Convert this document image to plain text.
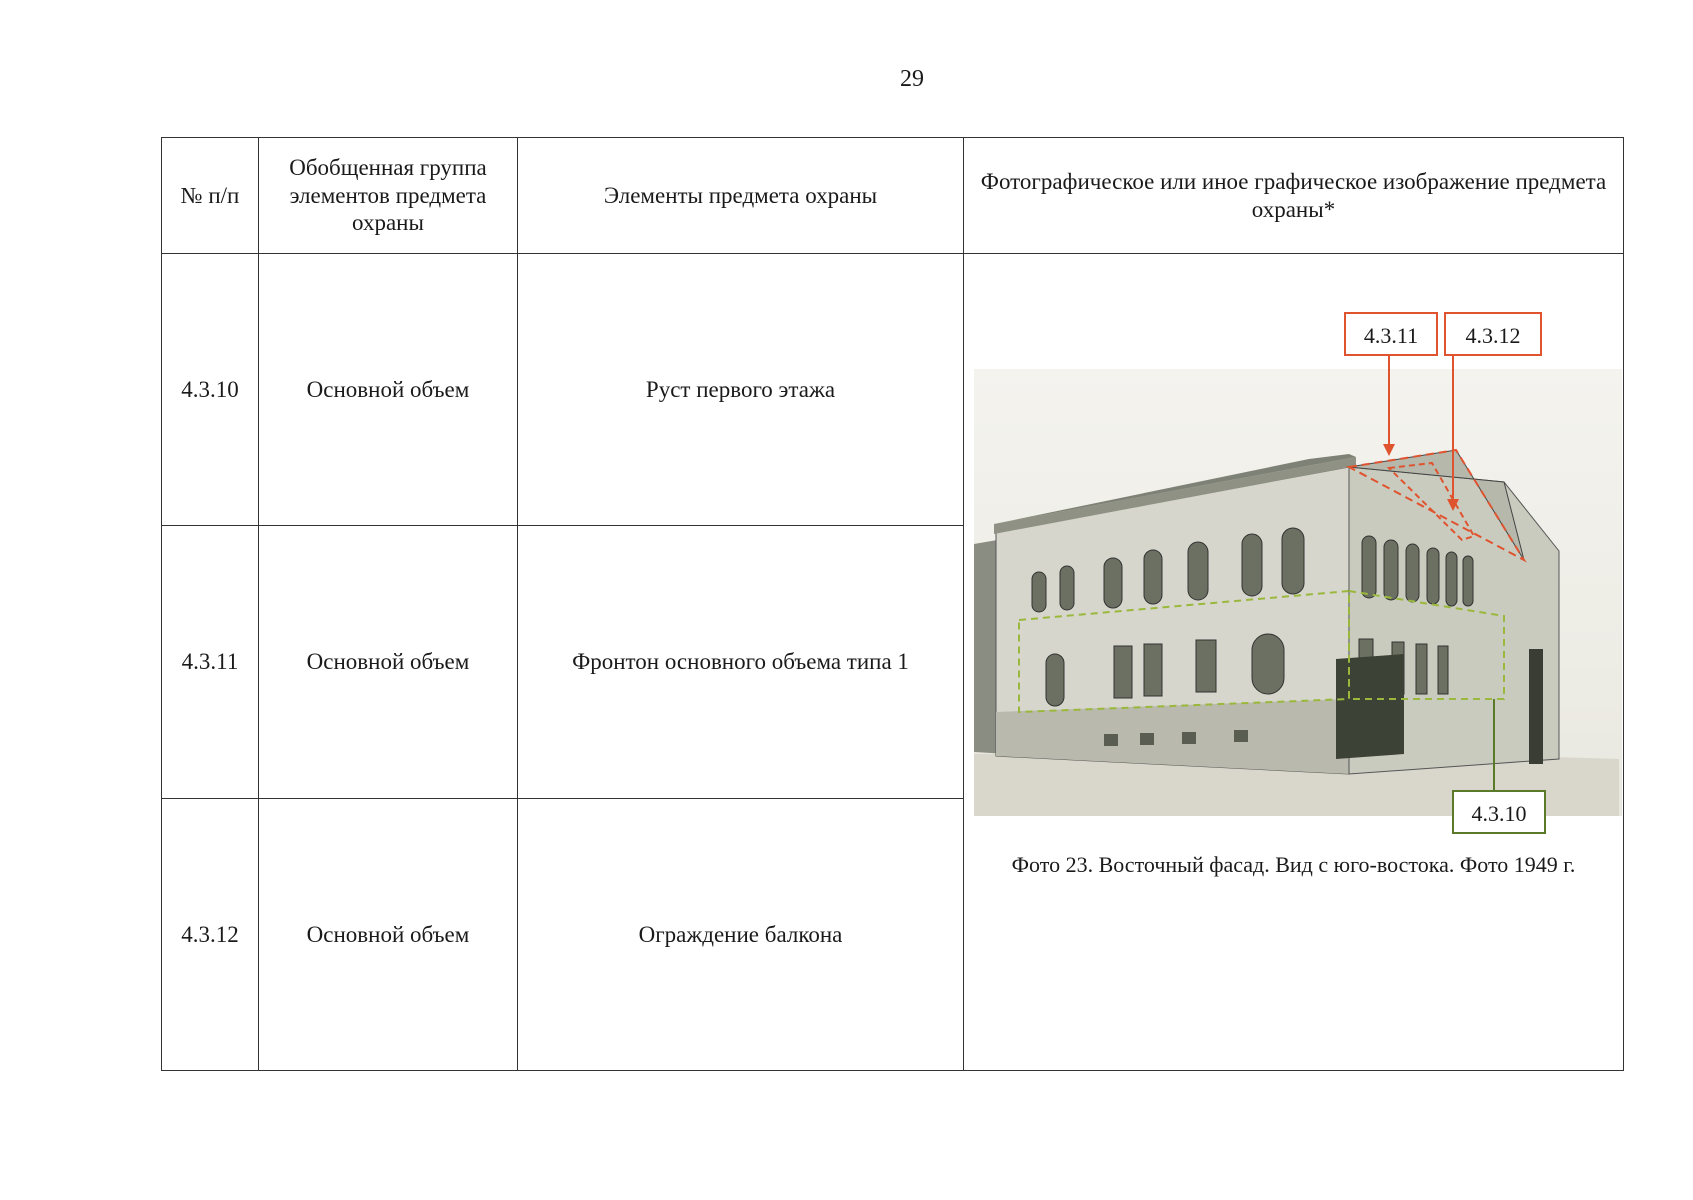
29
№ п/п	Обобщенная группа элементов предмета охраны	Элементы предмета охраны	Фотографическое или иное графическое изображение предмета охраны*
4.3.10	Основной объем	Руст первого этажа	4.3.11 4.3.12
4.3.10
Фото 23. Восточный фасад. Вид с юго-востока. Фото 1949 г.

4.3.11	Основной объем	Фронтон основного объема типа 1	
4.3.12	Основной объем	Ограждение балкона	
